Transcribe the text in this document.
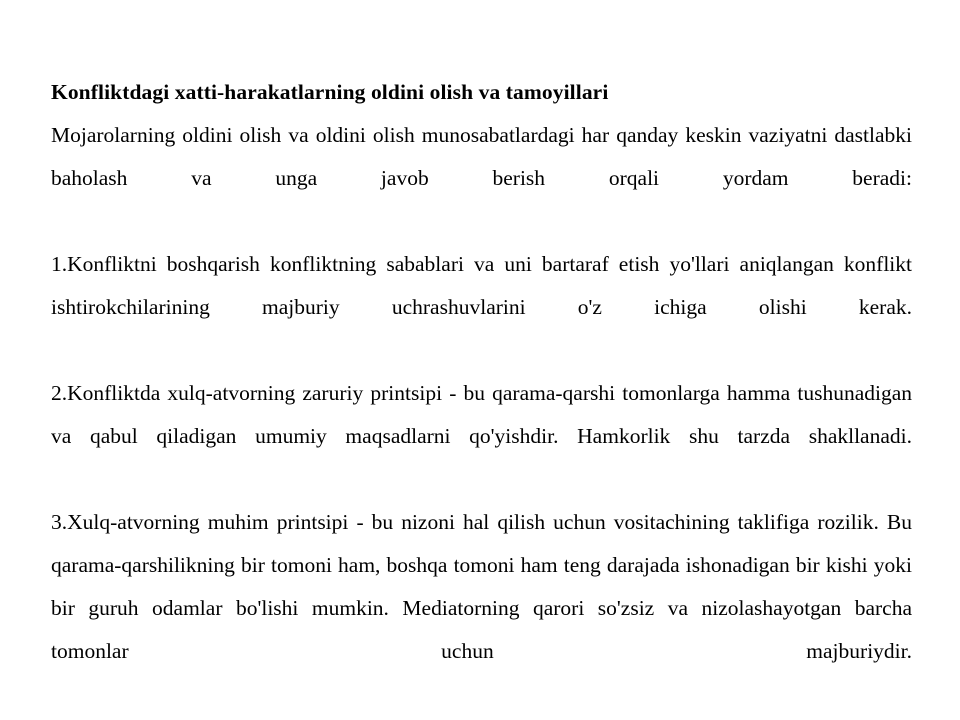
Konfliktdagi xatti-harakatlarning oldini olish va tamoyillari

Mojarolarning oldini olish va oldini olish munosabatlardagi har qanday keskin vaziyatni dastlabki baholash va unga javob berish orqali yordam beradi:

1.Konfliktni boshqarish konfliktning sabablari va uni bartaraf etish yo'llari aniqlangan konflikt ishtirokchilarining majburiy uchrashuvlarini o'z ichiga olishi kerak.

2.Konfliktda xulq-atvorning zaruriy printsipi - bu qarama-qarshi tomonlarga hamma tushunadigan va qabul qiladigan umumiy maqsadlarni qo'yishdir. Hamkorlik shu tarzda shakllanadi.

3.Xulq-atvorning muhim printsipi - bu nizoni hal qilish uchun vositachining taklifiga rozilik. Bu qarama-qarshilikning bir tomoni ham, boshqa tomoni ham teng darajada ishonadigan bir kishi yoki bir guruh odamlar bo'lishi mumkin. Mediatorning qarori so'zsiz va nizolashayotgan barcha tomonlar uchun majburiydir.
